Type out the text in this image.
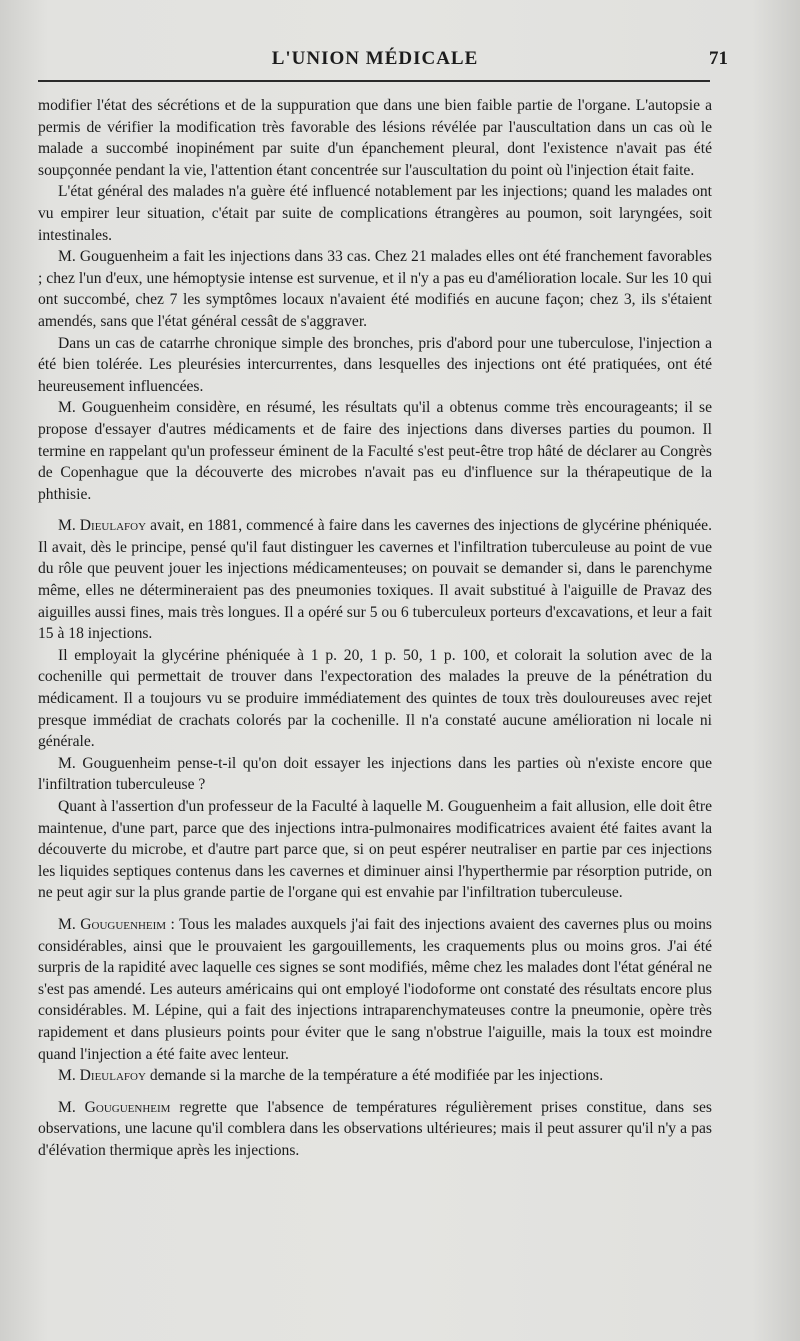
L'UNION MÉDICALE	71

modifier l'état des sécrétions et de la suppuration que dans une bien faible partie de l'organe. L'autopsie a permis de vérifier la modification très favorable des lésions révélée par l'auscultation dans un cas où le malade a succombé inopinément par suite d'un épanchement pleural, dont l'existence n'avait pas été soupçonnée pendant la vie, l'attention étant concentrée sur l'auscultation du point où l'injection était faite.

L'état général des malades n'a guère été influencé notablement par les injections; quand les malades ont vu empirer leur situation, c'était par suite de complications étrangères au poumon, soit laryngées, soit intestinales.

M. Gouguenheim a fait les injections dans 33 cas. Chez 21 malades elles ont été franchement favorables ; chez l'un d'eux, une hémoptysie intense est survenue, et il n'y a pas eu d'amélioration locale. Sur les 10 qui ont succombé, chez 7 les symptômes locaux n'avaient été modifiés en aucune façon; chez 3, ils s'étaient amendés, sans que l'état général cessât de s'aggraver.

Dans un cas de catarrhe chronique simple des bronches, pris d'abord pour une tuberculose, l'injection a été bien tolérée. Les pleurésies intercurrentes, dans lesquelles des injections ont été pratiquées, ont été heureusement influencées.

M. Gouguenheim considère, en résumé, les résultats qu'il a obtenus comme très encourageants; il se propose d'essayer d'autres médicaments et de faire des injections dans diverses parties du poumon. Il termine en rappelant qu'un professeur éminent de la Faculté s'est peut-être trop hâté de déclarer au Congrès de Copenhague que la découverte des microbes n'avait pas eu d'influence sur la thérapeutique de la phthisie.

M. Dieulafoy avait, en 1881, commencé à faire dans les cavernes des injections de glycérine phéniquée. Il avait, dès le principe, pensé qu'il faut distinguer les cavernes et l'infiltration tuberculeuse au point de vue du rôle que peuvent jouer les injections médicamenteuses; on pouvait se demander si, dans le parenchyme même, elles ne détermineraient pas des pneumonies toxiques. Il avait substitué à l'aiguille de Pravaz des aiguilles aussi fines, mais très longues. Il a opéré sur 5 ou 6 tuberculeux porteurs d'excavations, et leur a fait 15 à 18 injections.

Il employait la glycérine phéniquée à 1 p. 20, 1 p. 50, 1 p. 100, et colorait la solution avec de la cochenille qui permettait de trouver dans l'expectoration des malades la preuve de la pénétration du médicament. Il a toujours vu se produire immédiatement des quintes de toux très douloureuses avec rejet presque immédiat de crachats colorés par la cochenille. Il n'a constaté aucune amélioration ni locale ni générale.

M. Gouguenheim pense-t-il qu'on doit essayer les injections dans les parties où n'existe encore que l'infiltration tuberculeuse ?

Quant à l'assertion d'un professeur de la Faculté à laquelle M. Gouguenheim a fait allusion, elle doit être maintenue, d'une part, parce que des injections intra-pulmonaires modificatrices avaient été faites avant la découverte du microbe, et d'autre part parce que, si on peut espérer neutraliser en partie par ces injections les liquides septiques contenus dans les cavernes et diminuer ainsi l'hyperthermie par résorption putride, on ne peut agir sur la plus grande partie de l'organe qui est envahie par l'infiltration tuberculeuse.

M. Gouguenheim : Tous les malades auxquels j'ai fait des injections avaient des cavernes plus ou moins considérables, ainsi que le prouvaient les gargouillements, les craquements plus ou moins gros. J'ai été surpris de la rapidité avec laquelle ces signes se sont modifiés, même chez les malades dont l'état général ne s'est pas amendé. Les auteurs américains qui ont employé l'iodoforme ont constaté des résultats encore plus considérables. M. Lépine, qui a fait des injections intraparenchymateuses contre la pneumonie, opère très rapidement et dans plusieurs points pour éviter que le sang n'obstrue l'aiguille, mais la toux est moindre quand l'injection a été faite avec lenteur.

M. Dieulafoy demande si la marche de la température a été modifiée par les injections.

M. Gouguenheim regrette que l'absence de températures régulièrement prises constitue, dans ses observations, une lacune qu'il comblera dans les observations ultérieures; mais il peut assurer qu'il n'y a pas d'élévation thermique après les injections.
